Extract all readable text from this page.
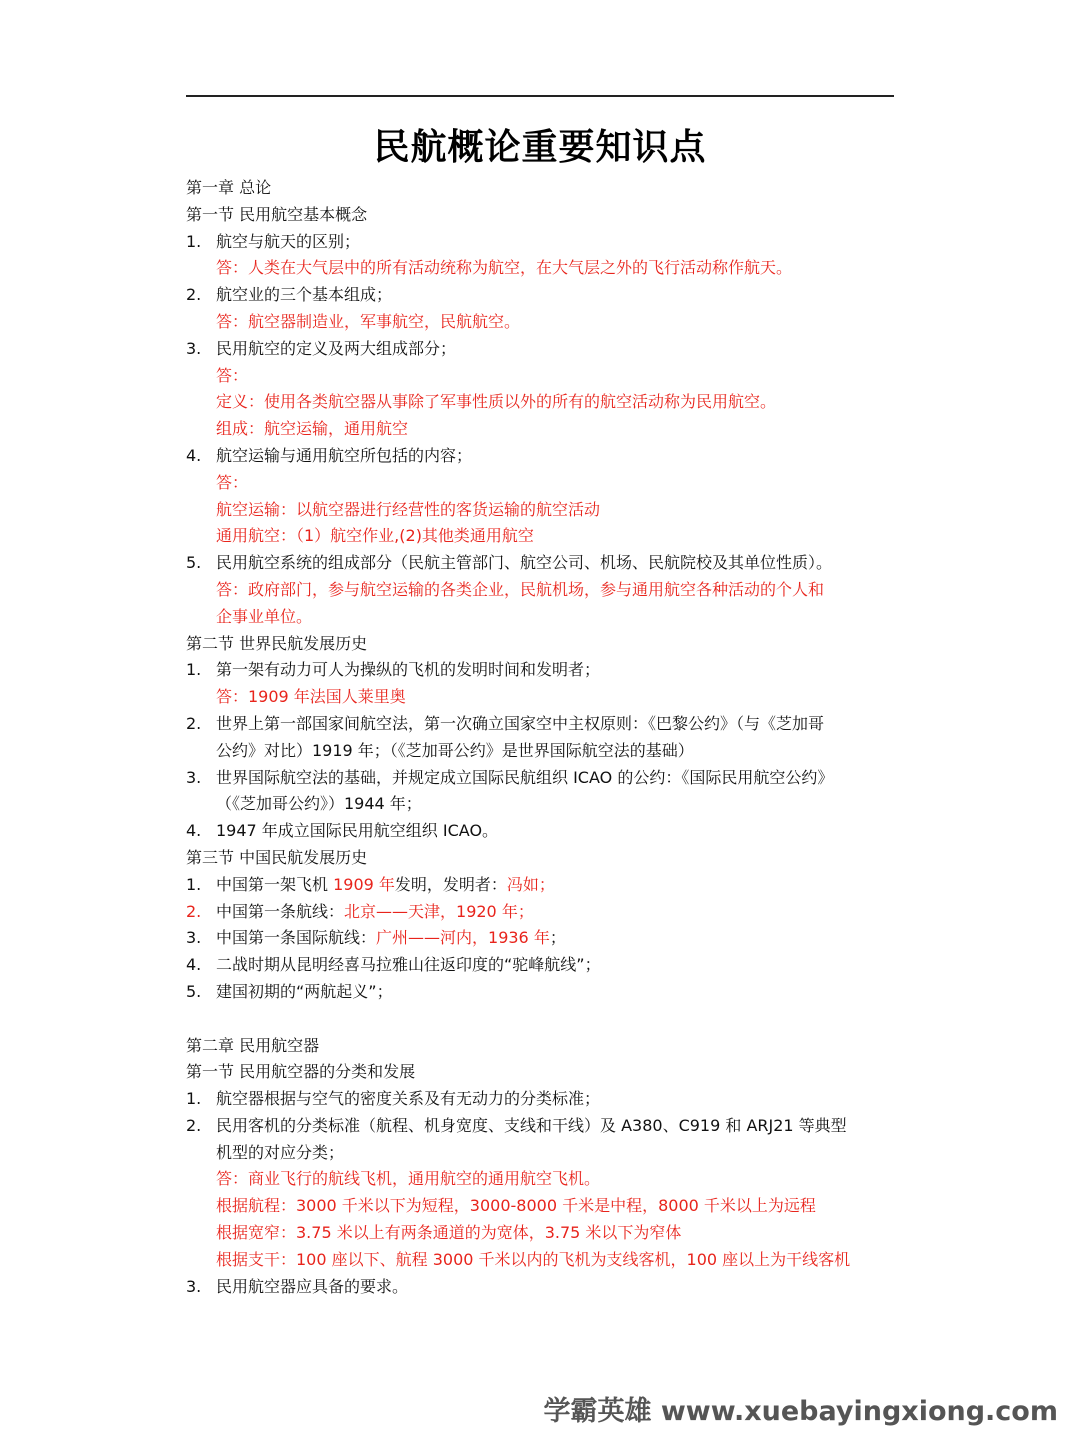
民航概论重要知识点
第一章 总论
第一节 民用航空基本概念
1. 航空与航天的区别；
答：人类在大气层中的所有活动统称为航空，在大气层之外的飞行活动称作航天。
2. 航空业的三个基本组成；
答：航空器制造业，军事航空，民航航空。
3. 民用航空的定义及两大组成部分；
答：
定义：使用各类航空器从事除了军事性质以外的所有的航空活动称为民用航空。
组成：航空运输，通用航空
4. 航空运输与通用航空所包括的内容；
答：
航空运输：以航空器进行经营性的客货运输的航空活动
通用航空：（1）航空作业,(2)其他类通用航空
5. 民用航空系统的组成部分（民航主管部门、航空公司、机场、民航院校及其单位性质）。
答：政府部门，参与航空运输的各类企业，民航机场，参与通用航空各种活动的个人和
企事业单位。
第二节 世界民航发展历史
1. 第一架有动力可人为操纵的飞机的发明时间和发明者；
答：1909 年法国人莱里奥
2. 世界上第一部国家间航空法，第一次确立国家空中主权原则：《巴黎公约》（与《芝加哥
公约》对比）1919 年；（《芝加哥公约》是世界国际航空法的基础）
3. 世界国际航空法的基础，并规定成立国际民航组织 ICAO 的公约：《国际民用航空公约》
（《芝加哥公约》）1944 年；
4. 1947 年成立国际民用航空组织 ICAO。
第三节 中国民航发展历史
1. 中国第一架飞机 1909 年发明，发明者：冯如；
2. 中国第一条航线：北京——天津，1920 年；
3. 中国第一条国际航线：广州——河内，1936 年；
4. 二战时期从昆明经喜马拉雅山往返印度的“驼峰航线”；
5. 建国初期的“两航起义”；
第二章 民用航空器
第一节 民用航空器的分类和发展
1. 航空器根据与空气的密度关系及有无动力的分类标准；
2. 民用客机的分类标准（航程、机身宽度、支线和干线）及 A380、C919 和 ARJ21 等典型
机型的对应分类；
答：商业飞行的航线飞机，通用航空的通用航空飞机。
根据航程：3000 千米以下为短程，3000-8000 千米是中程，8000 千米以上为远程
根据宽窄：3.75 米以上有两条通道的为宽体，3.75 米以下为窄体
根据支干：100 座以下、航程 3000 千米以内的飞机为支线客机，100 座以上为干线客机
3. 民用航空器应具备的要求。
学霸英雄 www.xuebayingxiong.com
